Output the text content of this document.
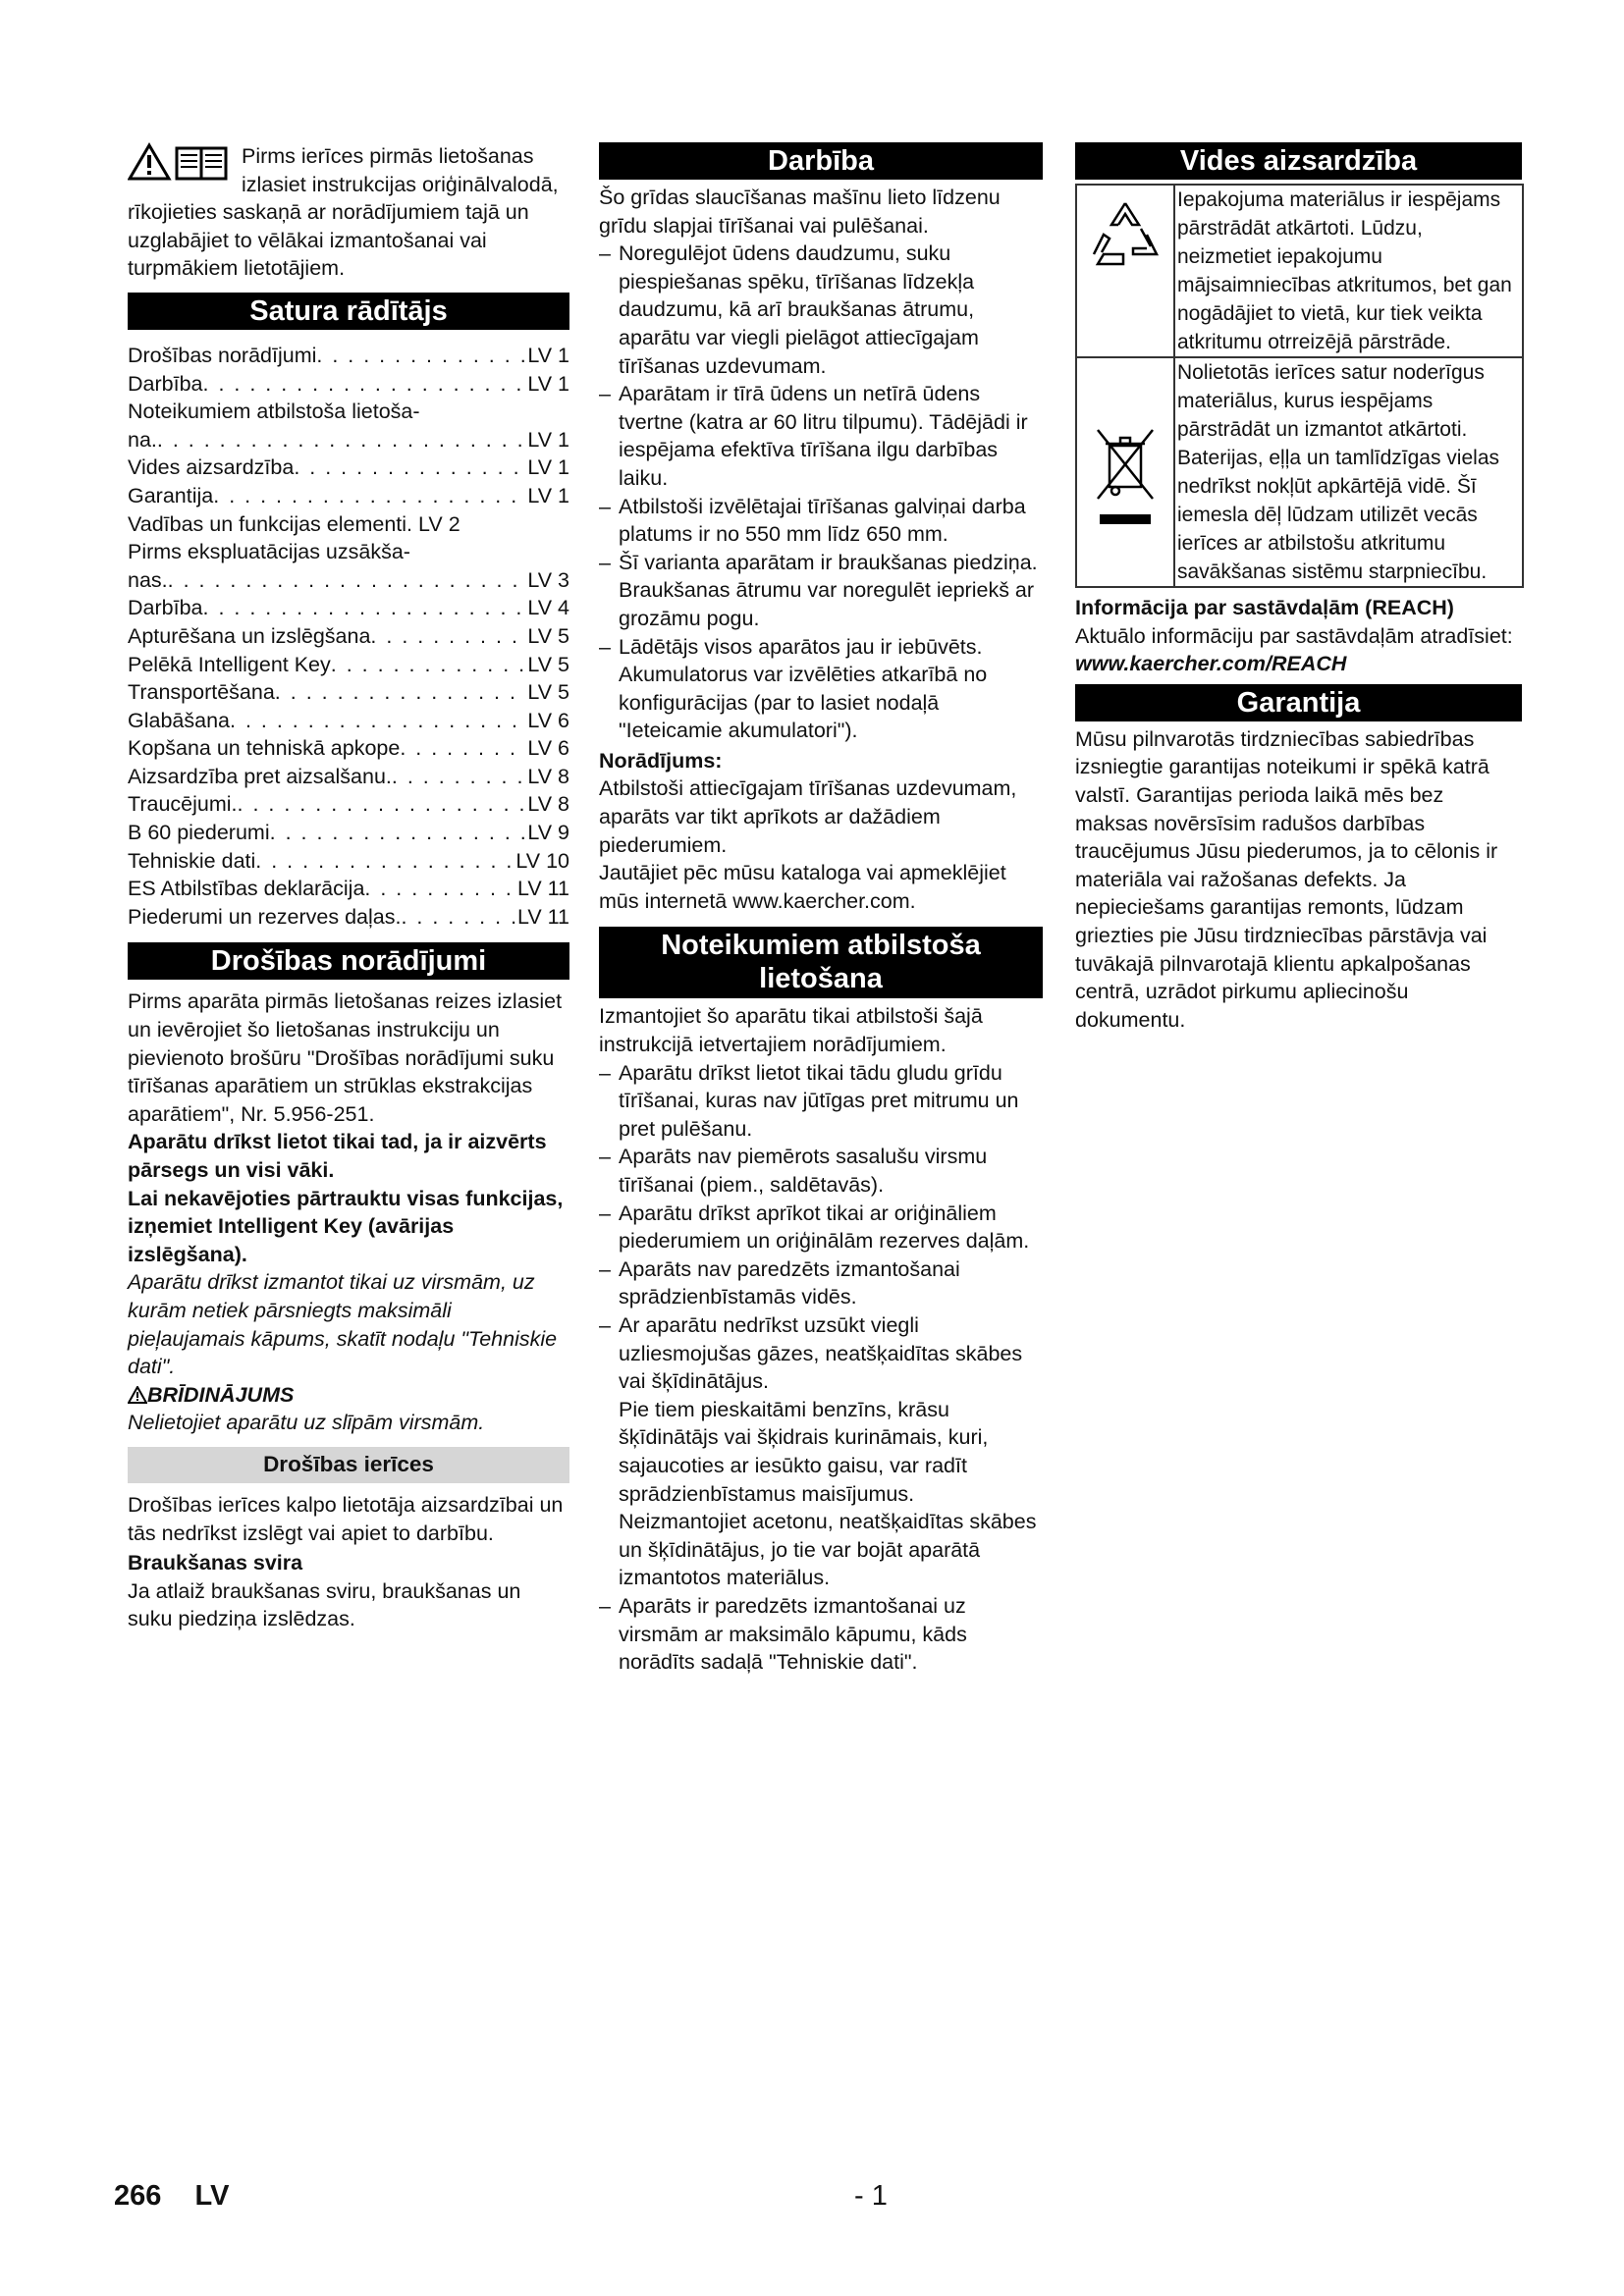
Pirms ierīces pirmās lietošanas izlasiet instrukcijas oriģinālvalodā, rīkojieties saskaņā ar norādījumiem tajā un uzglabājiet to vēlākai izmantošanai vai turpmākiem lietotājiem.

Satura rādītājs
Drošības norādījumi . . .	LV 1
Darbība . . .	LV 1
Noteikumiem atbilstoša lietoša-
na. . . .	LV 1
Vides aizsardzība . . .	LV 1
Garantija . . .	LV 1
Vadības un funkcijas elementi. LV 2
Pirms ekspluatācijas uzsākša-
nas. . . .	LV 3
Darbība . . .	LV 4
Apturēšana un izslēgšana . . .	LV 5
Pelēkā Intelligent Key . . .	LV 5
Transportēšana . . .	LV 5
Glabāšana . . .	LV 6
Kopšana un tehniskā apkope . . .	LV 6
Aizsardzība pret aizsalšanu. . . .	LV 8
Traucējumi. . . .	LV 8
B 60 piederumi . . .	LV 9
Tehniskie dati . . .	LV 10
ES Atbilstības deklarācija . . .	LV 11
Piederumi un rezerves daļas. . . .	LV 11
Drošības norādījumi

Pirms aparāta pirmās lietošanas reizes izlasiet un ievērojiet šo lietošanas instrukciju un pievienoto brošūru "Drošības norādījumi suku tīrīšanas aparātiem un strūklas ekstrakcijas aparātiem", Nr. 5.956-251.

Aparātu drīkst lietot tikai tad, ja ir aizvērts pārsegs un visi vāki.

Lai nekavējoties pārtrauktu visas funkcijas, izņemiet Intelligent Key (avārijas izslēgšana).

Aparātu drīkst izmantot tikai uz virsmām, uz kurām netiek pārsniegts maksimāli pieļaujamais kāpums, skatīt nodaļu "Tehniskie dati".

BRĪDINĀJUMS

Nelietojiet aparātu uz slīpām virsmām.

Drošības ierīces

Drošības ierīces kalpo lietotāja aizsardzībai un tās nedrīkst izslēgt vai apiet to darbību.

Braukšanas svira

Ja atlaiž braukšanas sviru, braukšanas un suku piedziņa izslēdzas.

Darbība

Šo grīdas slaucīšanas mašīnu lieto līdzenu grīdu slapjai tīrīšanai vai pulēšanai.

– Noregulējot ūdens daudzumu, suku piespiešanas spēku, tīrīšanas līdzekļa daudzumu, kā arī braukšanas ātrumu, aparātu var viegli pielāgot attiecīgajam tīrīšanas uzdevumam.
– Aparātam ir tīrā ūdens un netīrā ūdens tvertne (katra ar 60 litru tilpumu). Tādējādi ir iespējama efektīva tīrīšana ilgu darbības laiku.
– Atbilstoši izvēlētajai tīrīšanas galviņai darba platums ir no 550 mm līdz 650 mm.
– Šī varianta aparātam ir braukšanas piedziņa. Braukšanas ātrumu var noregulēt iepriekš ar grozāmu pogu.
– Lādētājs visos aparātos jau ir iebūvēts. Akumulatorus var izvēlēties atkarībā no konfigurācijas (par to lasiet nodaļā "Ieteicamie akumulatori").

Norādījums:

Atbilstoši attiecīgajam tīrīšanas uzdevumam, aparāts var tikt aprīkots ar dažādiem piederumiem.

Jautājiet pēc mūsu kataloga vai apmeklējiet mūs internetā www.kaercher.com.

Noteikumiem atbilstoša
lietošana

Izmantojiet šo aparātu tikai atbilstoši šajā instrukcijā ietvertajiem norādījumiem.

– Aparātu drīkst lietot tikai tādu gludu grīdu tīrīšanai, kuras nav jūtīgas pret mitrumu un pret pulēšanu.
– Aparāts nav piemērots sasalušu virsmu tīrīšanai (piem., saldētavās).
– Aparātu drīkst aprīkot tikai ar oriģināliem piederumiem un oriģinālām rezerves daļām.
– Aparāts nav paredzēts izmantošanai sprādzienbīstamās vidēs.
– Ar aparātu nedrīkst uzsūkt viegli uzliesmojušas gāzes, neatšķaidītas skābes vai šķīdinātājus.
Pie tiem pieskaitāmi benzīns, krāsu šķīdinātājs vai šķidrais kurināmais, kuri, sajaucoties ar iesūkto gaisu, var radīt sprādzienbīstamus maisījumus. Neizmantojiet acetonu, neatšķaidītas skābes un šķīdinātājus, jo tie var bojāt aparātā izmantotos materiālus.
– Aparāts ir paredzēts izmantošanai uz virsmām ar maksimālo kāpumu, kāds norādīts sadaļā "Tehniskie dati".
Vides aizsardzība
Iepakojuma materiālus ir iespējams pārstrādāt atkārtoti. Lūdzu, neizmetiet iepakojumu mājsaimniecības atkritumos, bet gan nogādājiet to vietā, kur tiek veikta atkritumu otrreizējā pārstrāde.
Nolietotās ierīces satur noderīgus materiālus, kurus iespējams pārstrādāt un izmantot atkārtoti. Baterijas, eļļa un tamlīdzīgas vielas nedrīkst nokļūt apkārtējā vidē. Šī iemesla dēļ lūdzam utilizēt vecās ierīces ar atbilstošu atkritumu savākšanas sistēmu starpniecību.

Informācija par sastāvdaļām (REACH)

Aktuālo informāciju par sastāvdaļām atradīsiet:

www.kaercher.com/REACH

Garantija

Mūsu pilnvarotās tirdzniecības sabiedrības izsniegtie garantijas noteikumi ir spēkā katrā valstī. Garantijas perioda laikā mēs bez maksas novērsīsim radušos darbības traucējumus Jūsu piederumos, ja to cēlonis ir materiāla vai ražošanas defekts. Ja nepieciešams garantijas remonts, lūdzam griezties pie Jūsu tirdzniecības pārstāvja vai tuvākajā pilnvarotajā klientu apkalpošanas centrā, uzrādot pirkumu apliecinošu dokumentu.

266 LV	- 1
